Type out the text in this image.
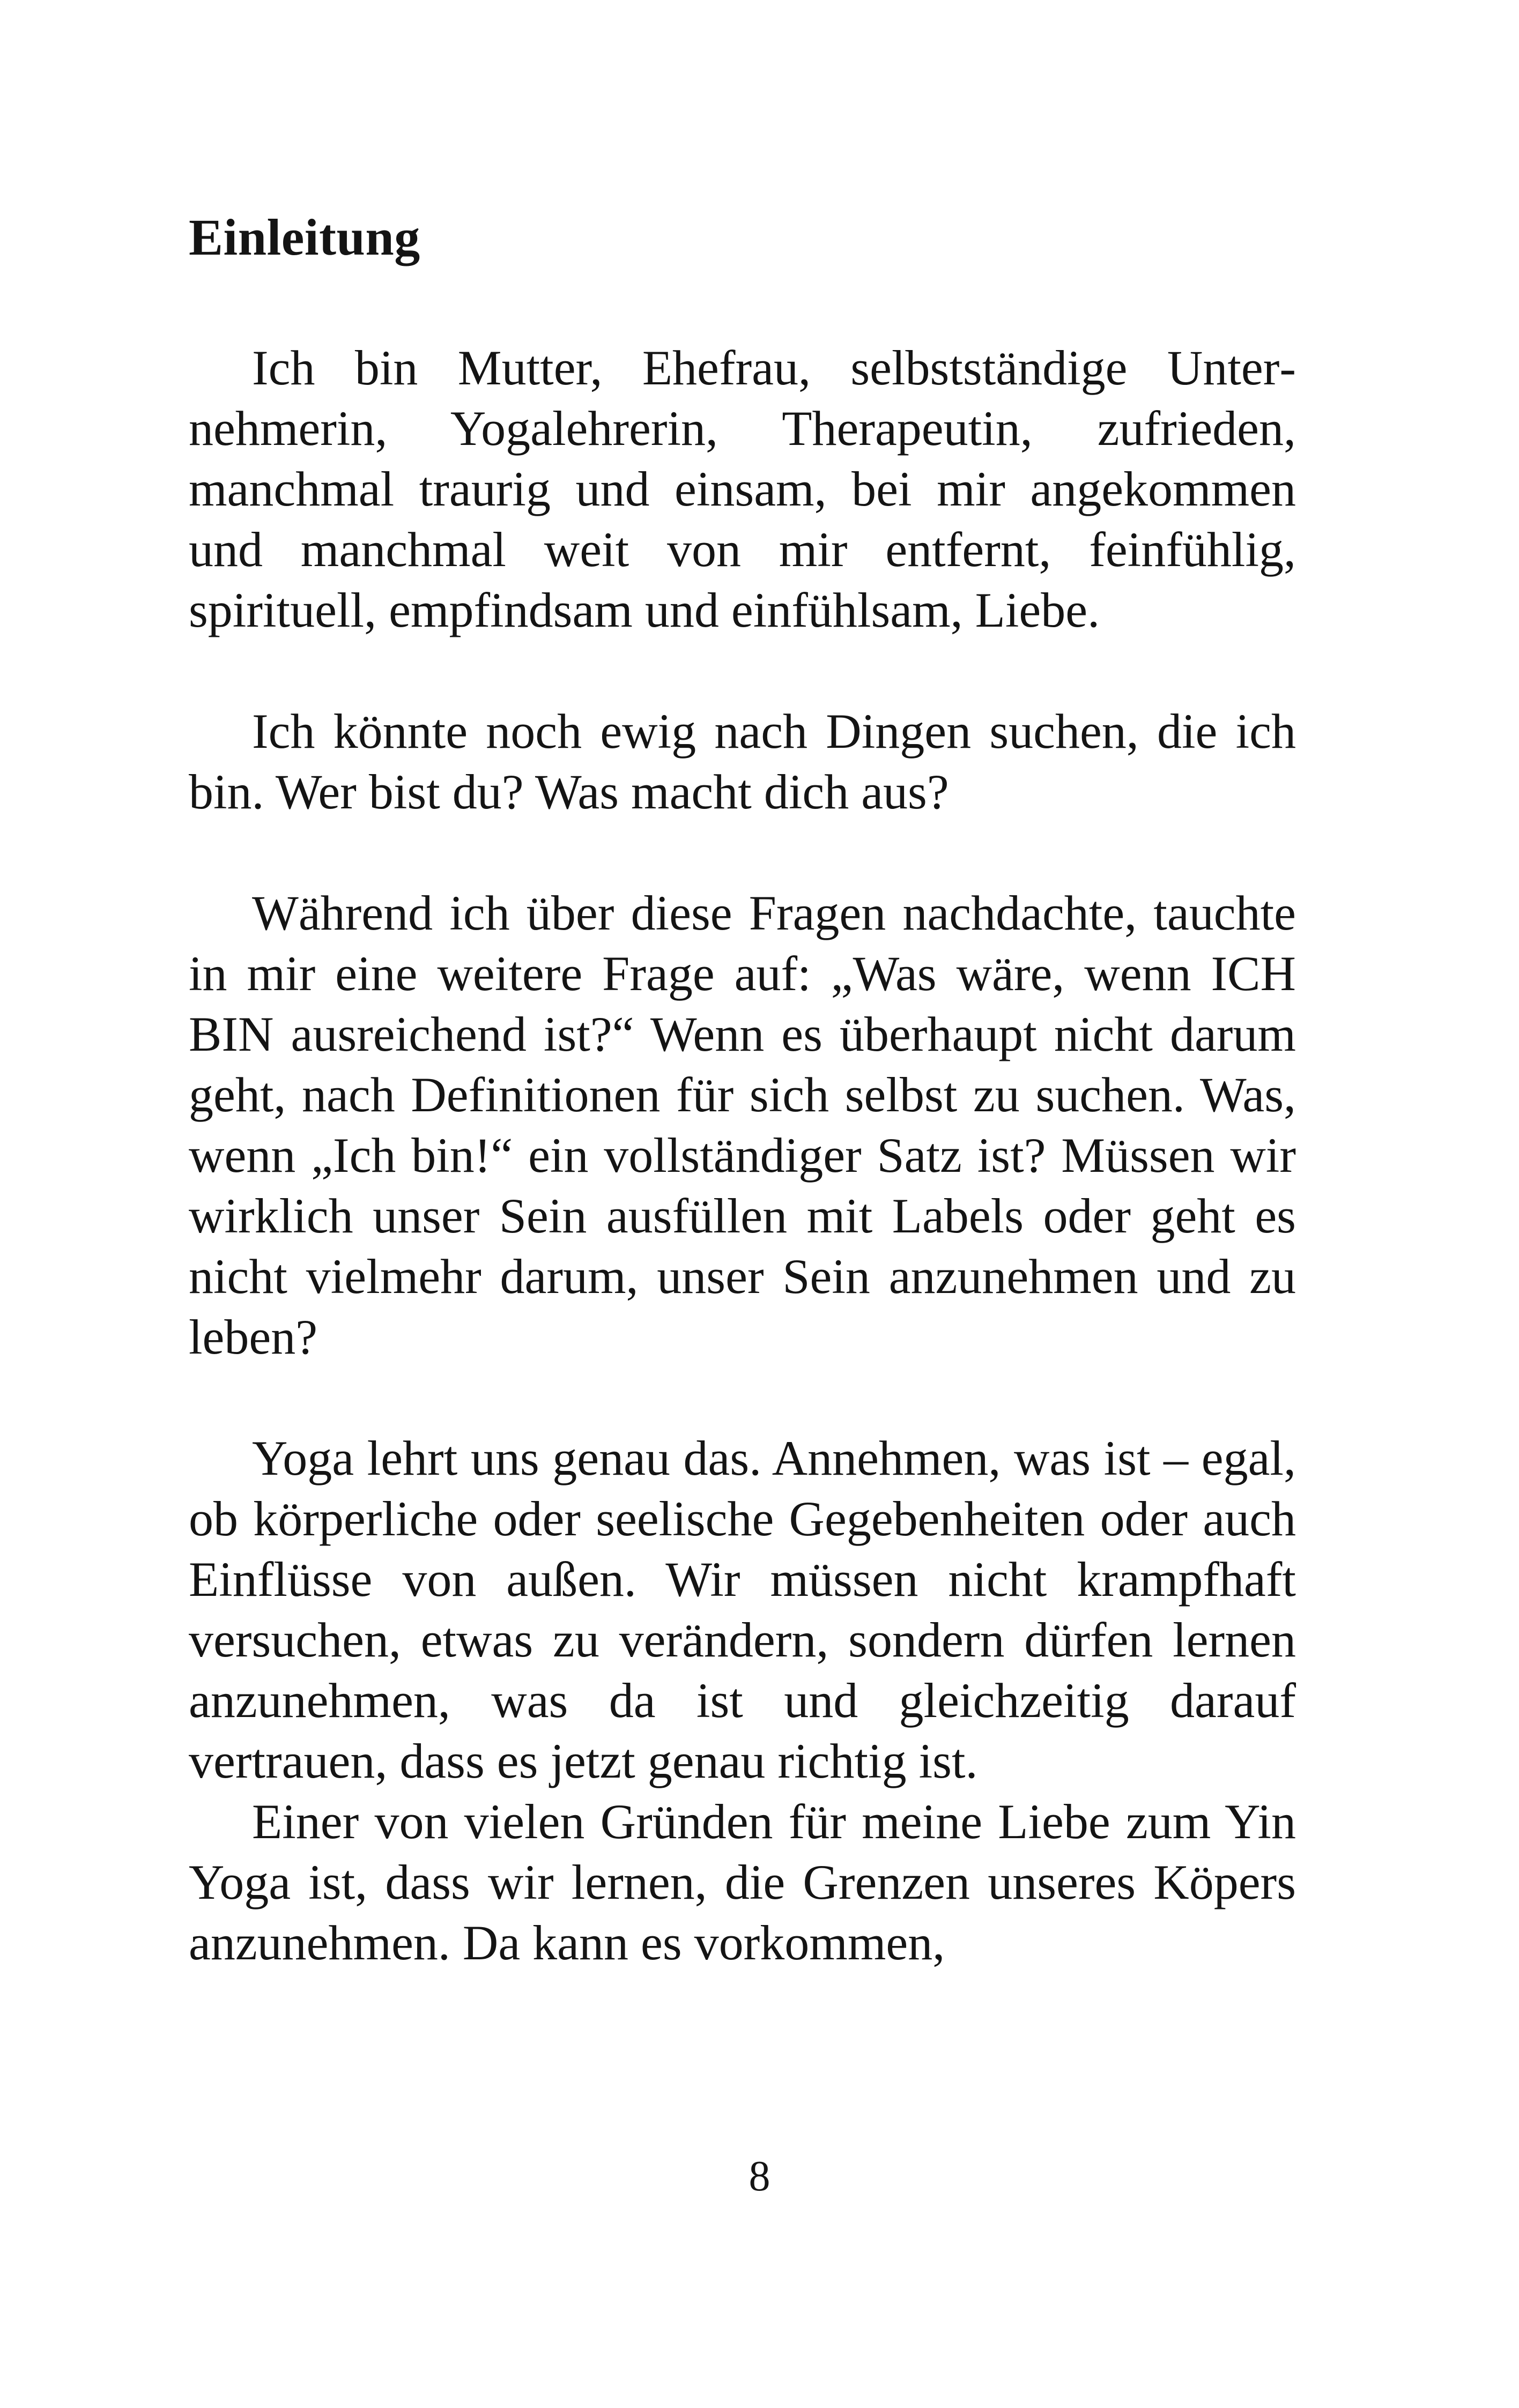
Einleitung

Ich bin Mutter, Ehefrau, selbstständige Unternehmerin, Yogalehrerin, Therapeutin, zufrieden, manchmal traurig und einsam, bei mir angekommen und manchmal weit von mir entfernt, feinfühlig, spirituell, empfindsam und einfühlsam, Liebe.

Ich könnte noch ewig nach Dingen suchen, die ich bin. Wer bist du? Was macht dich aus?

Während ich über diese Fragen nachdachte, tauchte in mir eine weitere Frage auf: „Was wäre, wenn ICH BIN ausreichend ist?“ Wenn es überhaupt nicht darum geht, nach Definitionen für sich selbst zu suchen. Was, wenn „Ich bin!“ ein vollständiger Satz ist? Müssen wir wirklich unser Sein ausfüllen mit Labels oder geht es nicht vielmehr darum, unser Sein anzunehmen und zu leben?

Yoga lehrt uns genau das. Annehmen, was ist – egal, ob körperliche oder seelische Gegebenheiten oder auch Einflüsse von außen. Wir müssen nicht krampfhaft versuchen, etwas zu verändern, sondern dürfen lernen anzunehmen, was da ist und gleichzeitig darauf vertrauen, dass es jetzt genau richtig ist.

Einer von vielen Gründen für meine Liebe zum Yin Yoga ist, dass wir lernen, die Grenzen unseres Köpers anzunehmen. Da kann es vorkommen,

8
